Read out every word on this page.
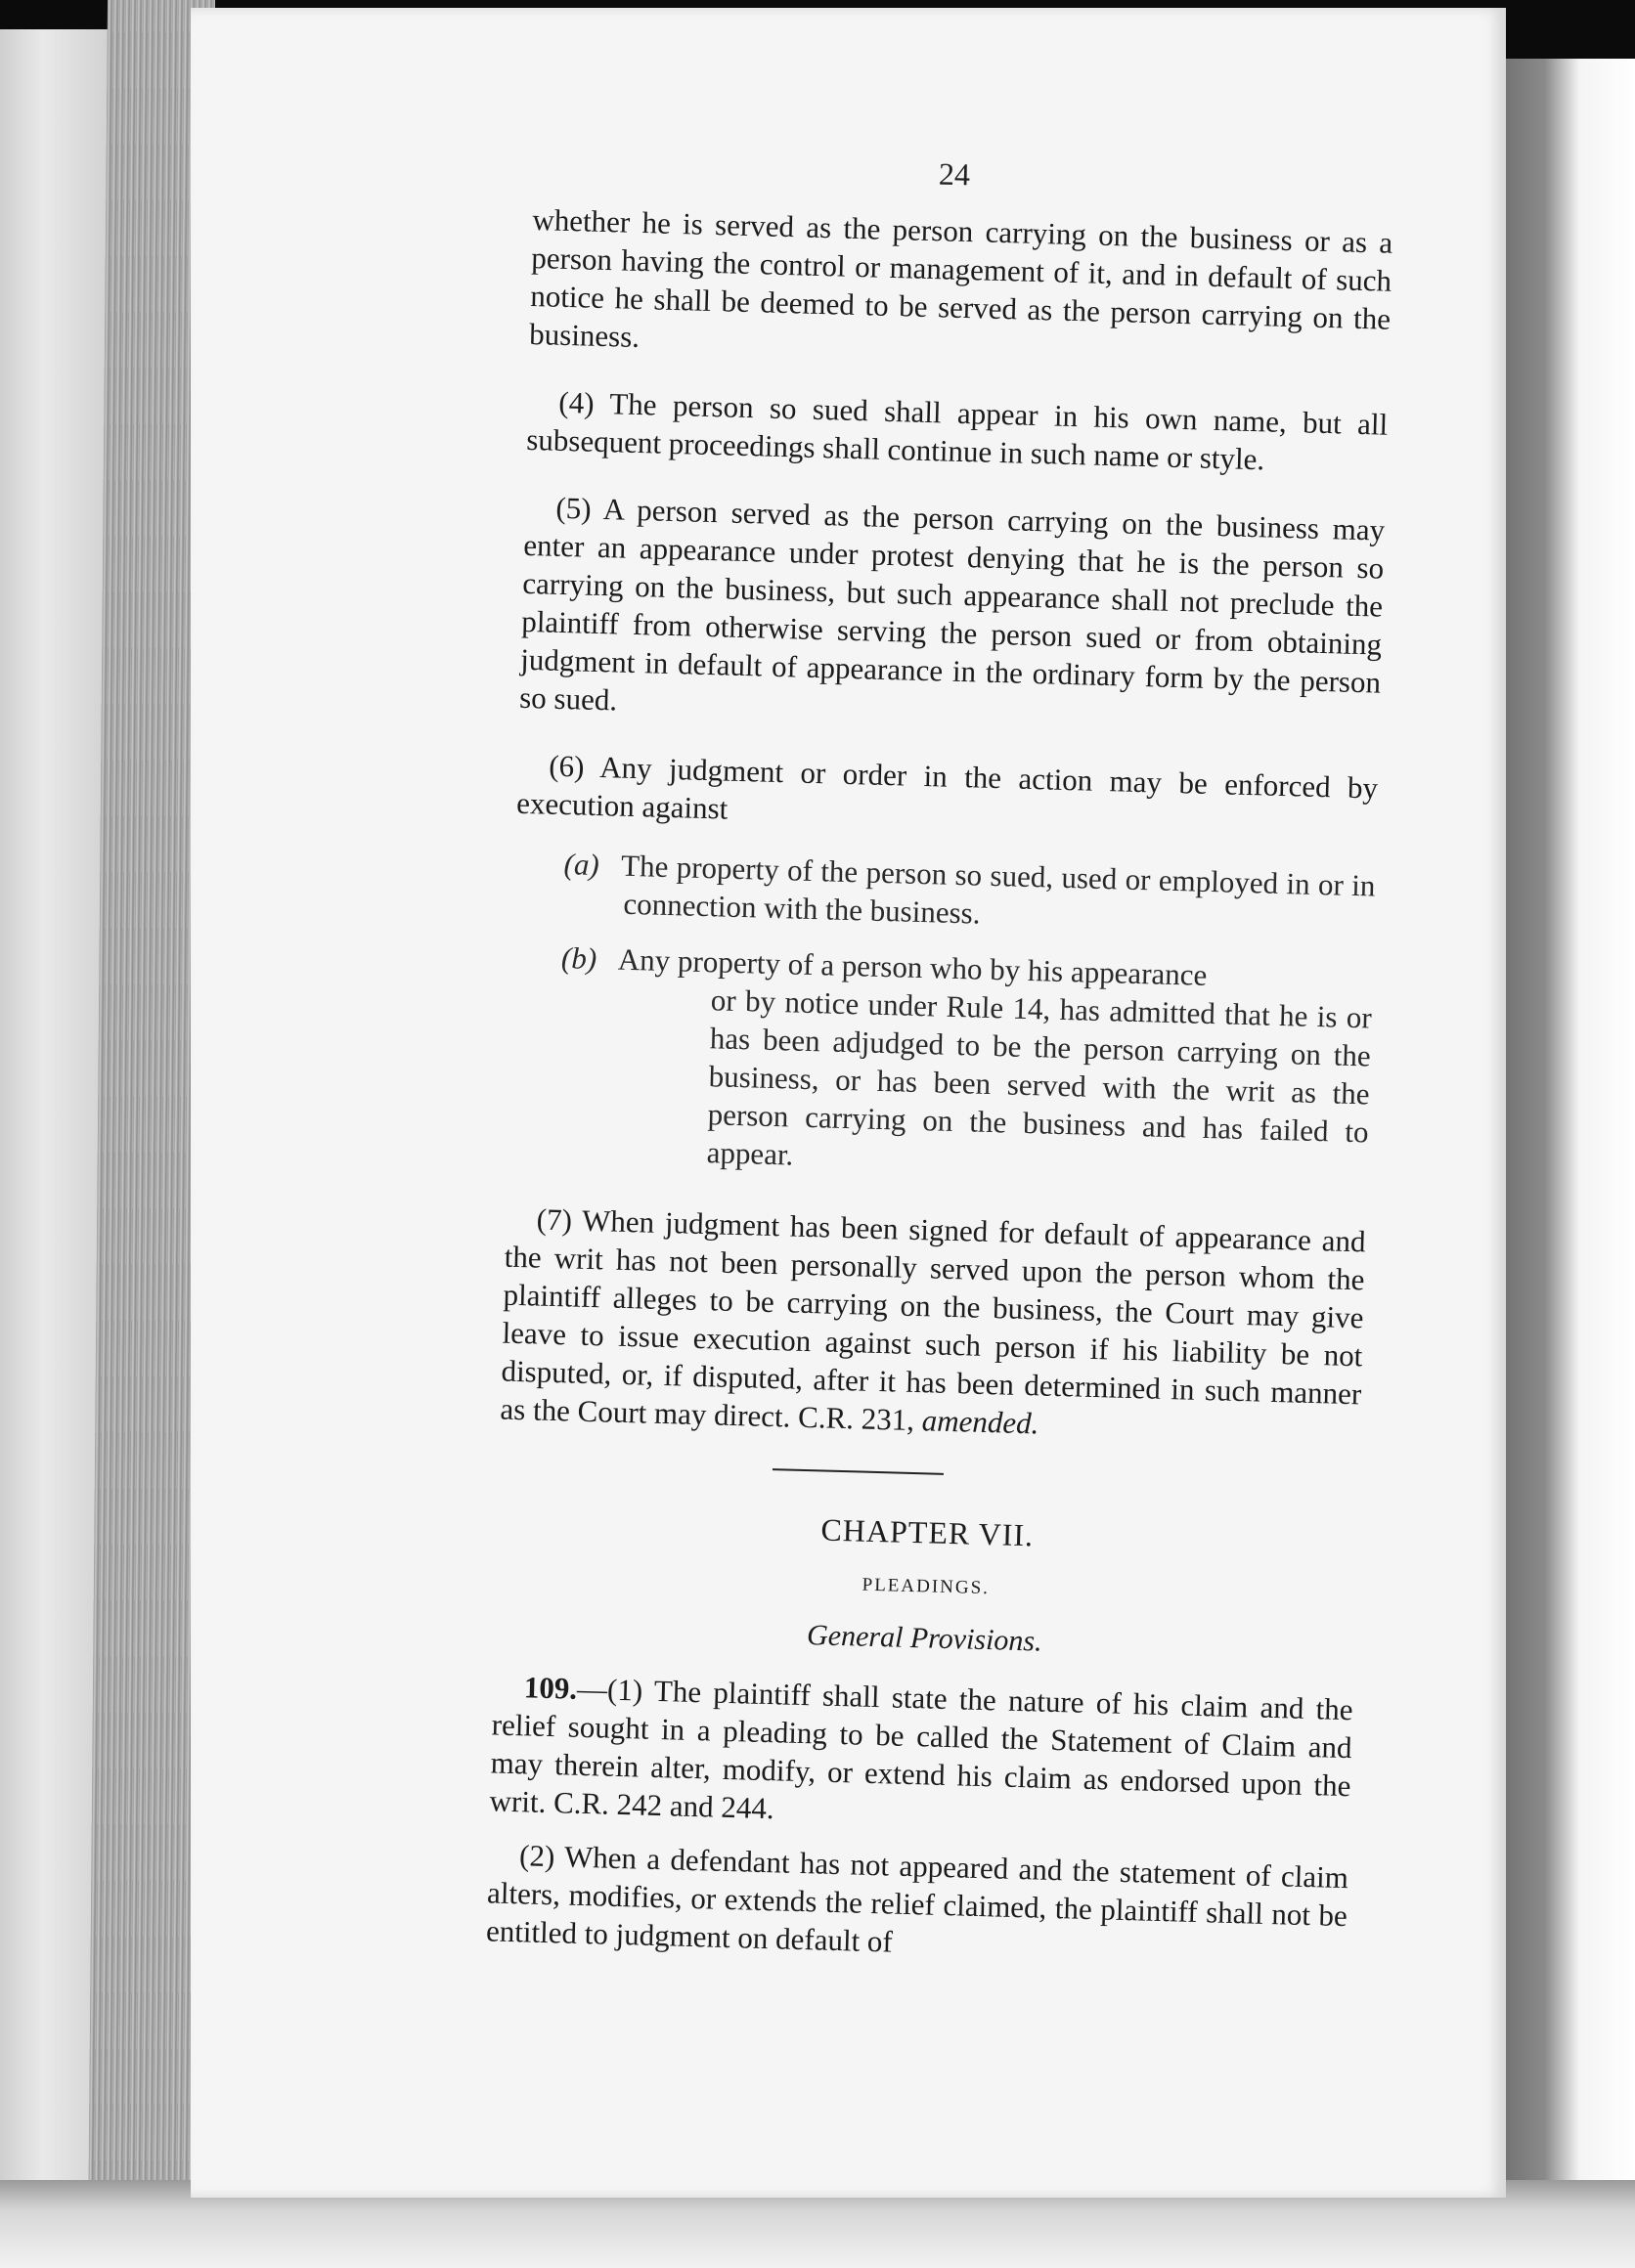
24

whether he is served as the person carrying on the business or as a person having the control or management of it, and in default of such notice he shall be deemed to be served as the person carrying on the business.

(4) The person so sued shall appear in his own name, but all subsequent proceedings shall continue in such name or style.

(5) A person served as the person carrying on the business may enter an appearance under protest denying that he is the person so carrying on the business, but such appearance shall not preclude the plaintiff from otherwise serving the person sued or from obtaining judgment in default of appearance in the ordinary form by the person so sued.

(6) Any judgment or order in the action may be enforced by execution against

(a) The property of the person so sued, used or employed in or in connection with the business.

(b) Any property of a person who by his appearance
or by notice under Rule 14, has admitted that he is or has been adjudged to be the person carrying on the business, or has been served with the writ as the person carrying on the business and has failed to appear.

(7) When judgment has been signed for default of appearance and the writ has not been personally served upon the person whom the plaintiff alleges to be carrying on the business, the Court may give leave to issue execution against such person if his liability be not disputed, or, if disputed, after it has been determined in such manner as the Court may direct. C.R. 231, amended.

CHAPTER VII.
PLEADINGS.
General Provisions.

109.—(1) The plaintiff shall state the nature of his claim and the relief sought in a pleading to be called the Statement of Claim and may therein alter, modify, or extend his claim as endorsed upon the writ. C.R. 242 and 244.

(2) When a defendant has not appeared and the statement of claim alters, modifies, or extends the relief claimed, the plaintiff shall not be entitled to judgment on default of
